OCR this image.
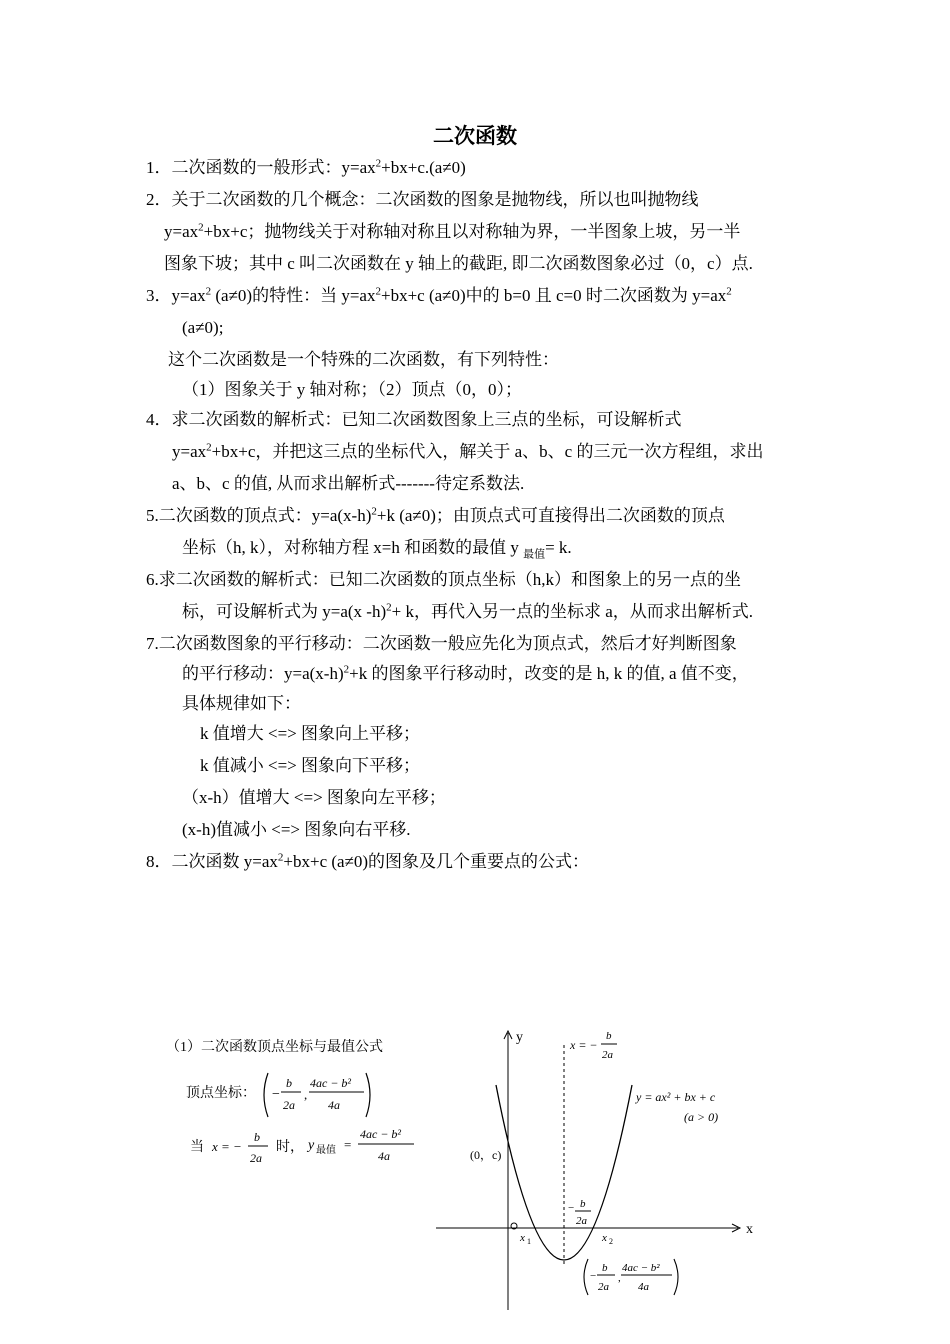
二次函数
1．二次函数的一般形式：$y=ax^2+bx+c.(a\ne 0)$
2．关于二次函数的几个概念：二次函数的图象是抛物线，所以也叫抛物线
$y=ax^2+bx+c$；抛物线关于对称轴对称且以对称轴为界，一半图象上坡，另一半
图象下坡；其中 c 叫二次函数在 y 轴上的截距, 即二次函数图象必过（0，c）点.
3．$y=ax^2$ (a≠0)的特性：当 $y=ax^2+bx+c$ (a≠0)中的 b=0 且 c=0 时二次函数为 $y=ax^2$
(a≠0);
这个二次函数是一个特殊的二次函数，有下列特性：
（1）图象关于 y 轴对称；（2）顶点（0，0）；
4．求二次函数的解析式：已知二次函数图象上三点的坐标，可设解析式
$y=ax^2+bx+c$，并把这三点的坐标代入，解关于 a、b、c 的三元一次方程组，求出
a、b、c 的值, 从而求出解析式-------待定系数法.
5.二次函数的顶点式：$y=a(x-h)^2+k$ (a≠0)；由顶点式可直接得出二次函数的顶点
坐标（h, k），对称轴方程 x=h 和函数的最值 y $_{最值}$= k.
6.求二次函数的解析式：已知二次函数的顶点坐标（h,k）和图象上的另一点的坐
标，可设解析式为 y=a(x -h)$^2$+ k，再代入另一点的坐标求 a，从而求出解析式.
7.二次函数图象的平行移动：二次函数一般应先化为顶点式，然后才好判断图象
的平行移动：$y=a(x-h)^2+k$ 的图象平行移动时，改变的是 h, k 的值, a 值不变，
具体规律如下：
k 值增大 <=> 图象向上平移；
k 值减小 <=> 图象向下平移；
（x-h）值增大 <=> 图象向左平移；
(x-h)值减小 <=> 图象向右平移.
8．二次函数 $y=ax^2+bx+c$ (a≠0)的图象及几个重要点的公式：
（1）二次函数顶点坐标与最值公式
顶点坐标： −
b
2a
,
4ac − b²
4a
当 x = −
b
2a
时， y 最值 =
4ac − b²
4a
x
y	x = −
b
2a
y = ax² + bx + c
(a > 0)
(0，c)
− b
2a
x 1	x 2
−
b
2a
,
4ac − b²
4a
